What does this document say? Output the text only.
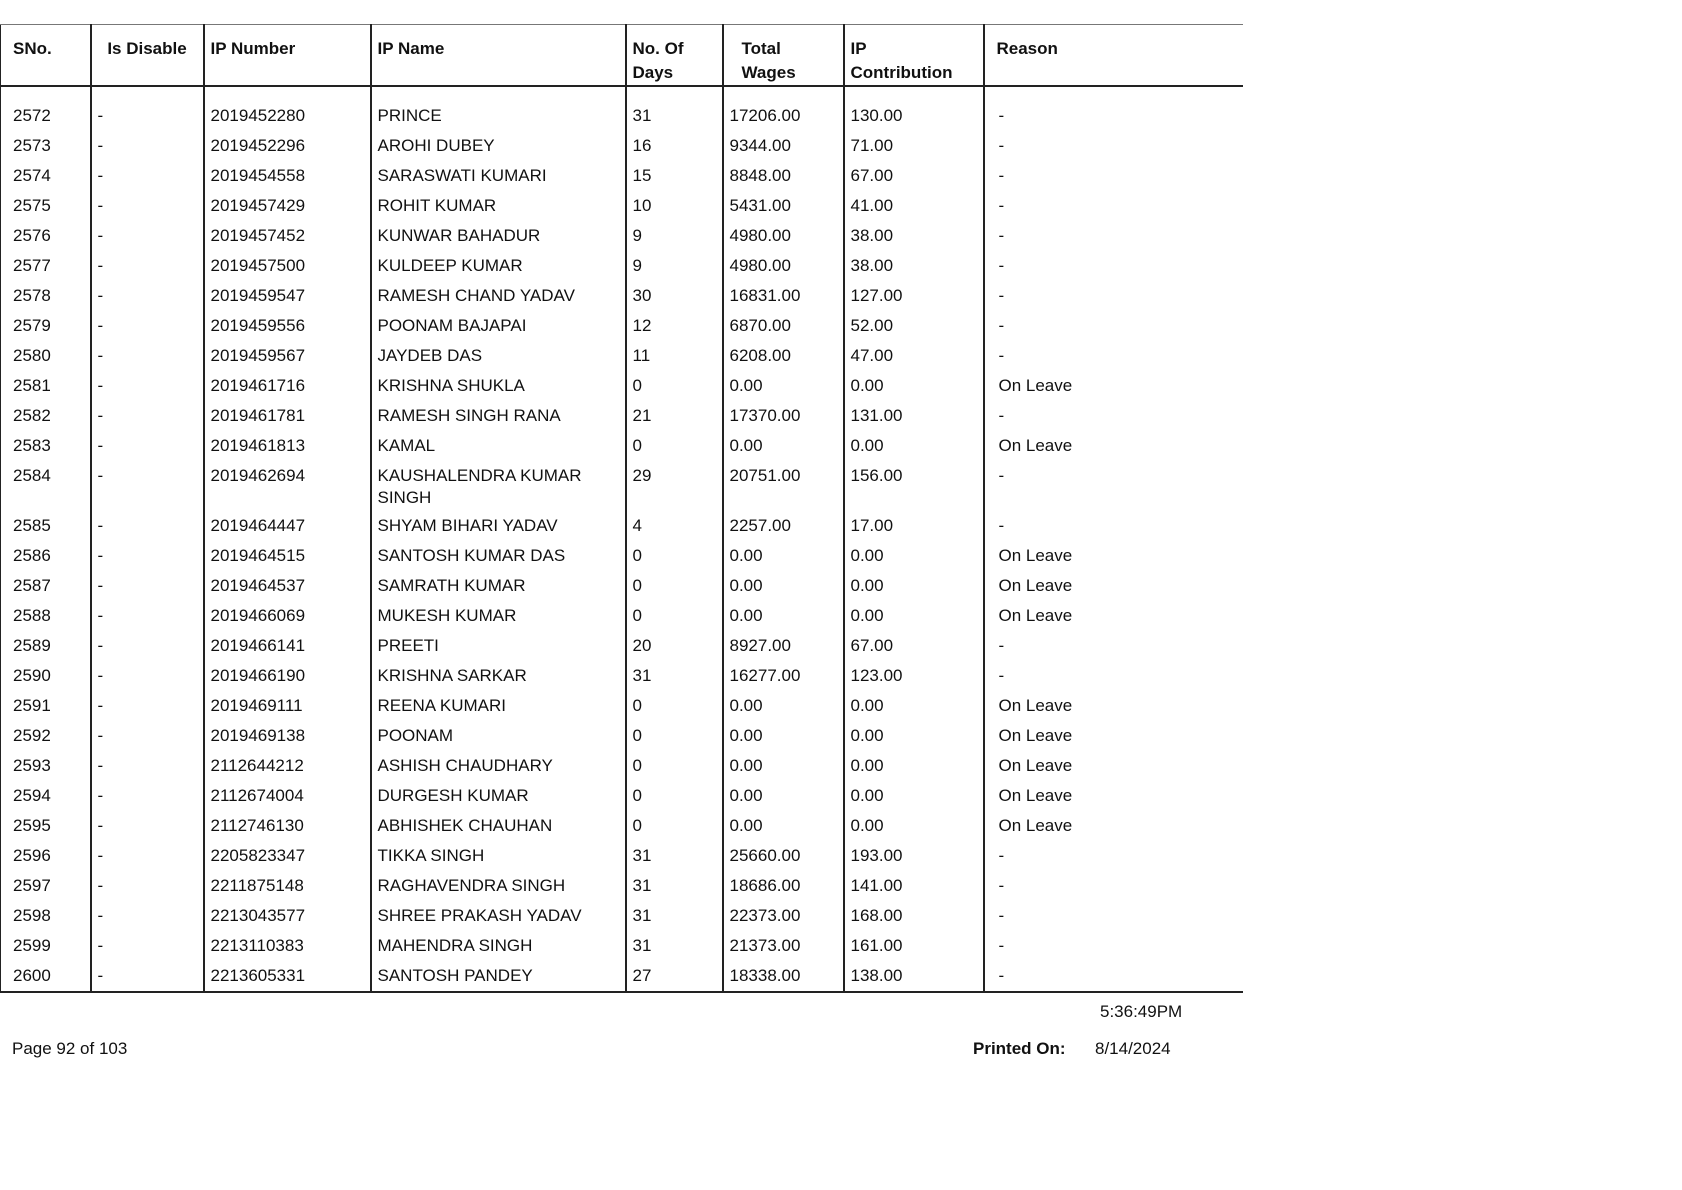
SNo.	Is Disable	IP Number	IP Name	No. Of Days	Total Wages	IP Contribution	Reason

2572	-	2019452280	PRINCE	31	17206.00	130.00	-
2573	-	2019452296	AROHI DUBEY	16	9344.00	71.00	-
2574	-	2019454558	SARASWATI KUMARI	15	8848.00	67.00	-
2575	-	2019457429	ROHIT KUMAR	10	5431.00	41.00	-
2576	-	2019457452	KUNWAR BAHADUR	9	4980.00	38.00	-
2577	-	2019457500	KULDEEP KUMAR	9	4980.00	38.00	-
2578	-	2019459547	RAMESH CHAND YADAV	30	16831.00	127.00	-
2579	-	2019459556	POONAM BAJAPAI	12	6870.00	52.00	-
2580	-	2019459567	JAYDEB DAS	11	6208.00	47.00	-
2581	-	2019461716	KRISHNA SHUKLA	0	0.00	0.00	On Leave
2582	-	2019461781	RAMESH SINGH RANA	21	17370.00	131.00	-
2583	-	2019461813	KAMAL	0	0.00	0.00	On Leave
2584	-	2019462694	KAUSHALENDRA KUMAR SINGH	29	20751.00	156.00	-
2585	-	2019464447	SHYAM BIHARI YADAV	4	2257.00	17.00	-
2586	-	2019464515	SANTOSH KUMAR DAS	0	0.00	0.00	On Leave
2587	-	2019464537	SAMRATH KUMAR	0	0.00	0.00	On Leave
2588	-	2019466069	MUKESH KUMAR	0	0.00	0.00	On Leave
2589	-	2019466141	PREETI	20	8927.00	67.00	-
2590	-	2019466190	KRISHNA SARKAR	31	16277.00	123.00	-
2591	-	2019469111	REENA KUMARI	0	0.00	0.00	On Leave
2592	-	2019469138	POONAM	0	0.00	0.00	On Leave
2593	-	2112644212	ASHISH CHAUDHARY	0	0.00	0.00	On Leave
2594	-	2112674004	DURGESH KUMAR	0	0.00	0.00	On Leave
2595	-	2112746130	ABHISHEK CHAUHAN	0	0.00	0.00	On Leave
2596	-	2205823347	TIKKA SINGH	31	25660.00	193.00	-
2597	-	2211875148	RAGHAVENDRA SINGH	31	18686.00	141.00	-
2598	-	2213043577	SHREE PRAKASH YADAV	31	22373.00	168.00	-
2599	-	2213110383	MAHENDRA SINGH	31	21373.00	161.00	-
2600	-	2213605331	SANTOSH PANDEY	27	18338.00	138.00	-
5:36:49PM
Page 92 of 103	Printed On: 8/14/2024
